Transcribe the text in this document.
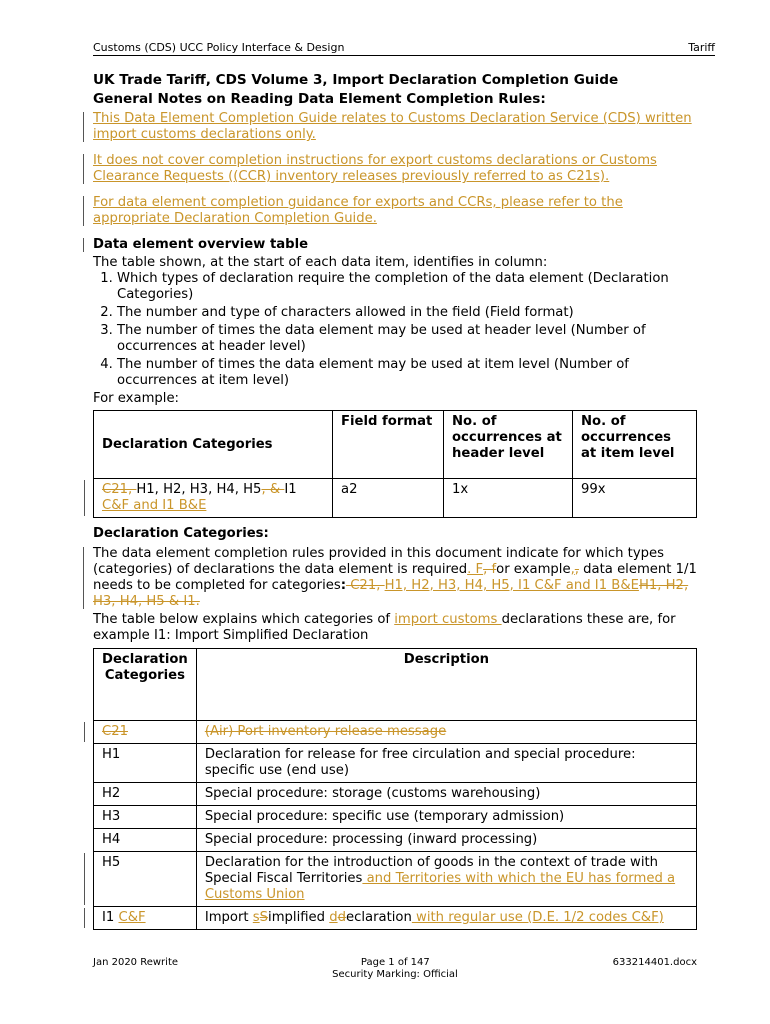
Customs (CDS) UCC Policy Interface & Design	Tariff

UK Trade Tariff, CDS Volume 3, Import Declaration Completion Guide

General Notes on Reading Data Element Completion Rules:

This Data Element Completion Guide relates to Customs Declaration Service (CDS) written import customs declarations only.

It does not cover completion instructions for export customs declarations or Customs Clearance Requests ((CCR) inventory releases previously referred to as C21s).

For data element completion guidance for exports and CCRs, please refer to the appropriate Declaration Completion Guide.

Data element overview table

The table shown, at the start of each data item, identifies in column:

1. Which types of declaration require the completion of the data element (Declaration Categories)
2. The number and type of characters allowed in the field (Field format)
3. The number of times the data element may be used at header level (Number of occurrences at header level)
4. The number of times the data element may be used at item level (Number of occurrences at item level)

For example:

Declaration Categories	Field format	No. of occurrences at header level	No. of occurrences at item level
C21, H1, H2, H3, H4, H5, & I1 C&F and I1 B&E	a2	1x	99x

Declaration Categories:

The data element completion rules provided in this document indicate for which types (categories) of declarations the data element is required. F, for example,, data element 1/1 needs to be completed for categories: C21, H1, H2, H3, H4, H5, I1 C&F and I1 B&EH1, H2, H3, H4, H5 & I1.

The table below explains which categories of import customs declarations these are, for example I1: Import Simplified Declaration

Declaration Categories	Description
C21	(Air) Port inventory release message
H1	Declaration for release for free circulation and special procedure: specific use (end use)
H2	Special procedure: storage (customs warehousing)
H3	Special procedure: specific use (temporary admission)
H4	Special procedure: processing (inward processing)
H5	Declaration for the introduction of goods in the context of trade with Special Fiscal Territories and Territories with which the EU has formed a Customs Union
I1 C&F	Import sSimplified ddeclaration with regular use (D.E. 1/2 codes C&F)
Jan 2020 Rewrite	Page 1 of 147	633214401.docx
Security Marking: Official
